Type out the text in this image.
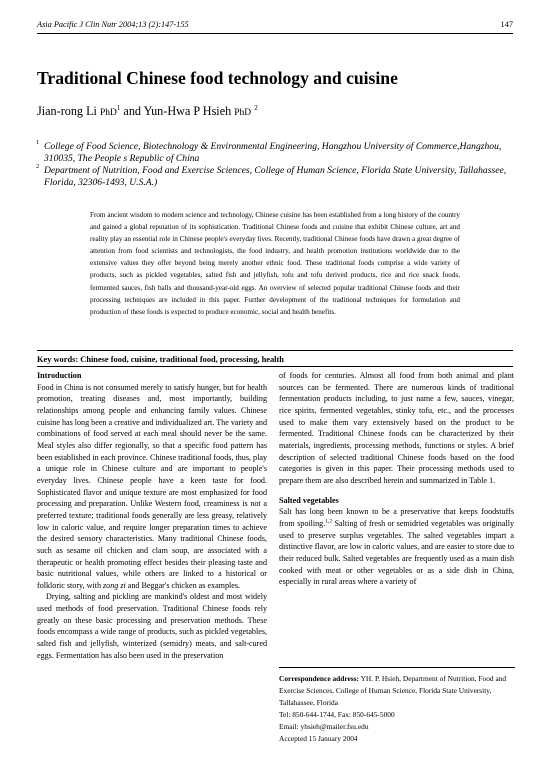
Asia Pacific J Clin Nutr 2004;13 (2):147-155	147
Traditional Chinese food technology and cuisine
Jian-rong Li PhD$^1$ and Yun-Hwa P Hsieh PhD $^2$
1 College of Food Science, Biotechnology & Environmental Engineering, Hangzhou University of Commerce,Hangzhou, 310035, The People s Republic of China
2 Department of Nutrition, Food and Exercise Sciences, College of Human Science, Florida State University, Tallahassee, Florida, 32306-1493, U.S.A.)
From ancient wisdom to modern science and technology, Chinese cuisine has been established from a long history of the country and gained a global reputation of its sophistication. Traditional Chinese foods and cuisine that exhibit Chinese culture, art and reality play an essential role in Chinese people's everyday lives. Recently, traditional Chinese foods have drawn a great degree of attention from food scientists and technologists, the food industry, and health promotion institutions worldwide due to the extensive values they offer beyond being merely another ethnic food. These traditional foods comprise a wide variety of products, such as pickled vegetables, salted fish and jellyfish, tofu and tofu derived products, rice and rice snack foods, fermented sauces, fish balls and thousand-year-old eggs. An overview of selected popular traditional Chinese foods and their processing techniques are included in this paper. Further development of the traditional techniques for formulation and production of these foods is expected to produce economic, social and health benefits.
Key words: Chinese food, cuisine, traditional food, processing, health
Introduction

Food in China is not consumed merely to satisfy hunger, but for health promotion, treating diseases and, most importantly, building relationships among people and enhancing family values. Chinese cuisine has long been a creative and individualized art. The variety and combinations of food served at each meal should never be the same. Meal styles also differ regionally, so that a specific food pattern has been established in each province. Chinese traditional foods, thus, play a unique role in Chinese culture and are important to people's everyday lives. Chinese people have a keen taste for food. Sophisticated flavor and unique texture are most emphasized for food processing and preparation. Unlike Western food, creaminess is not a preferred texture; traditional foods generally are less greasy, relatively low in caloric value, and require longer preparation times to achieve the desired sensory characteristics. Many traditional Chinese foods, such as sesame oil chicken and clam soup, are associated with a therapeutic or health promoting effect besides their pleasing taste and basic nutritional values, while others are linked to a historical or folkloric story, with zong zi and Beggar's chicken as examples.

Drying, salting and pickling are mankind's oldest and most widely used methods of food preservation. Traditional Chinese foods rely greatly on these basic processing and preservation methods. These foods encompass a wide range of products, such as pickled vegetables, salted fish and jellyfish, winterized (semidry) meats, and salt-cured eggs. Fermentation has also been used in the preservation

of foods for centuries. Almost all food from both animal and plant sources can be fermented. There are numerous kinds of traditional fermentation products including, to just name a few, sauces, vinegar, rice spirits, fermented vegetables, stinky tofu, etc., and the processes used to make them vary extensively based on the product to be fermented. Traditional Chinese foods can be characterized by their materials, ingredients, processing methods, functions or styles. A brief description of selected traditional Chinese foods based on the food categories is given in this paper. Their processing methods used to prepare them are also described herein and summarized in Table 1.

Salted vegetables

Salt has long been known to be a preservative that keeps foodstuffs from spoiling.$^{1,2}$ Salting of fresh or semidried vegetables was originally used to preserve surplus vegetables. The salted vegetables impart a distinctive flavor, are low in caloric values, and are easier to store due to their reduced bulk. Salted vegetables are frequently used as a main dish cooked with meat or other vegetables or as a side dish in China, especially in rural areas where a variety of

Correspondence address: YH. P. Hsieh, Department of Nutrition, Food and Exercise Sciences, College of Human Science, Florida State University, Tallahassee, Florida
Tel: 850-644-1744, Fax: 850-645-5000
Email: yhsieh@mailer.fsu.edu
Accepted 15 January 2004
